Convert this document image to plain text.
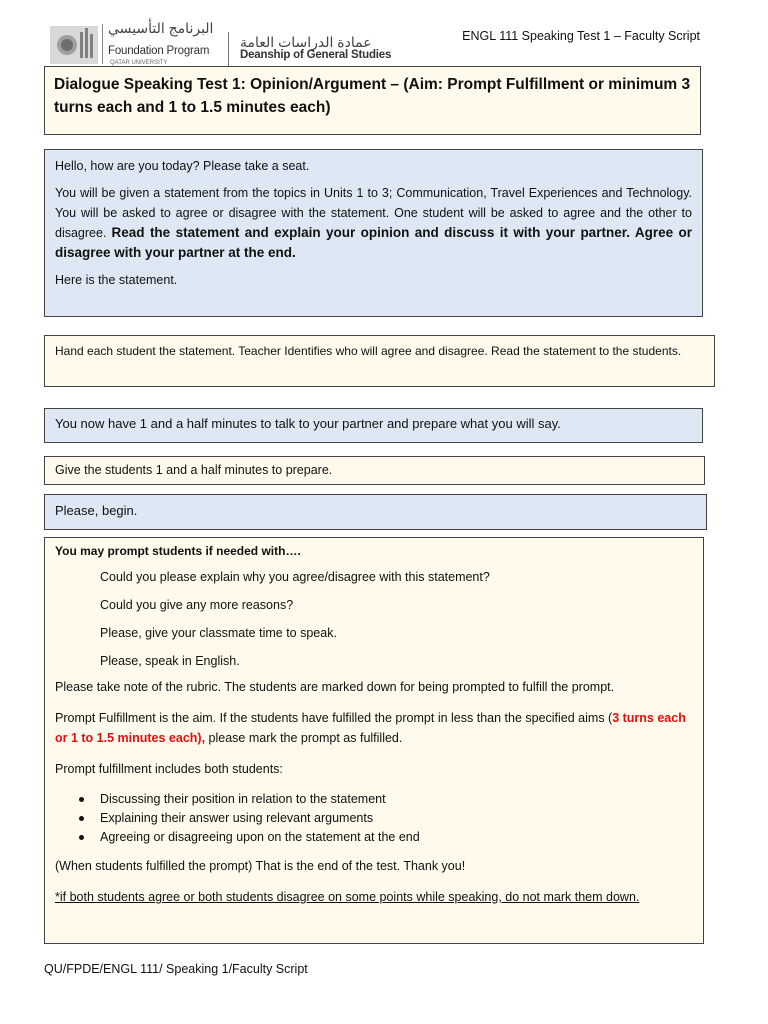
البرنامج التأسيسي
Foundation Program
QATAR UNIVERSITY
عمادة الدراسات العامة
Deanship of General Studies
ENGL 111 Speaking Test 1 – Faculty Script
Dialogue Speaking Test 1: Opinion/Argument – (Aim: Prompt Fulfillment or minimum 3 turns each and 1 to 1.5 minutes each)

Hello, how are you today? Please take a seat.

You will be given a statement from the topics in Units 1 to 3; Communication, Travel Experiences and Technology. You will be asked to agree or disagree with the statement. One student will be asked to agree and the other to disagree. Read the statement and explain your opinion and discuss it with your partner. Agree or disagree with your partner at the end.

Here is the statement.

Hand each student the statement. Teacher Identifies who will agree and disagree. Read the statement to the students.
You now have 1 and a half minutes to talk to your partner and prepare what you will say.
Give the students 1 and a half minutes to prepare.
Please, begin.

You may prompt students if needed with….

Could you please explain why you agree/disagree with this statement?

Could you give any more reasons?

Please, give your classmate time to speak.

Please, speak in English.

Please take note of the rubric. The students are marked down for being prompted to fulfill the prompt.

Prompt Fulfillment is the aim. If the students have fulfilled the prompt in less than the specified aims (3 turns each or 1 to 1.5 minutes each), please mark the prompt as fulfilled.

Prompt fulfillment includes both students:

Discussing their position in relation to the statement
Explaining their answer using relevant arguments
Agreeing or disagreeing upon on the statement at the end

(When students fulfilled the prompt) That is the end of the test. Thank you!

*if both students agree or both students disagree on some points while speaking, do not mark them down.

QU/FPDE/ENGL 111/ Speaking 1/Faculty Script
